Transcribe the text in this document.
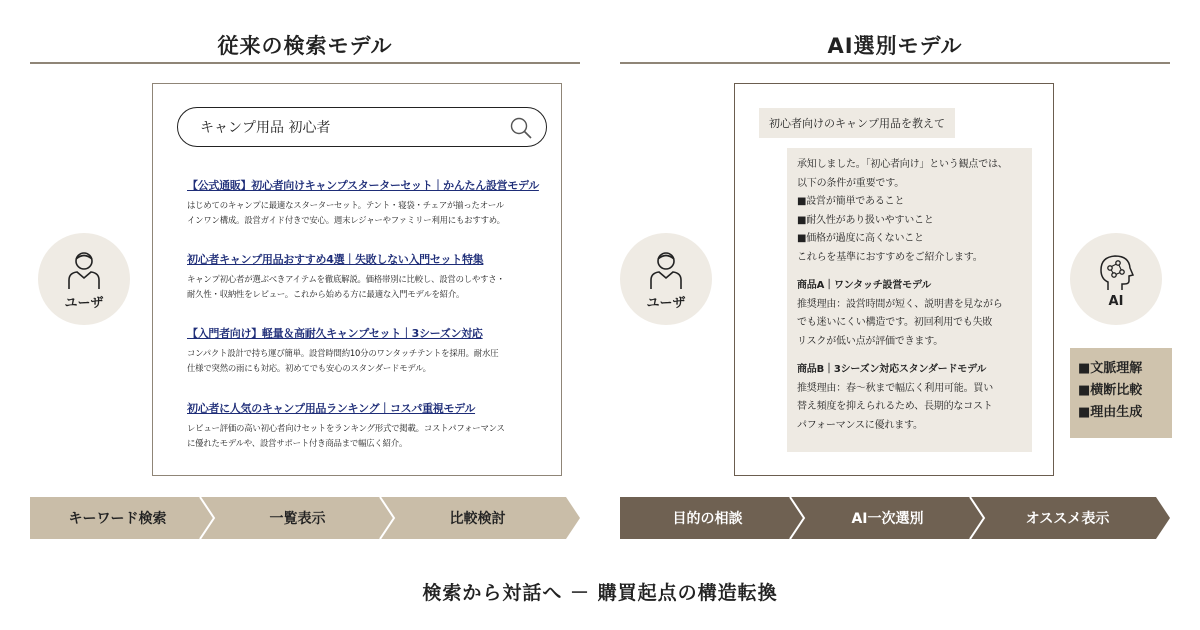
従来の検索モデル	AI選別モデル
ユーザ
キャンプ用品 初心者
【公式通販】初心者向けキャンプスターターセット｜かんたん設営モデル
はじめてのキャンプに最適なスターターセット。テント・寝袋・チェアが揃ったオール
インワン構成。設営ガイド付きで安心。週末レジャーやファミリー利用にもおすすめ。
初心者キャンプ用品おすすめ4選｜失敗しない入門セット特集
キャンプ初心者が選ぶべきアイテムを徹底解説。価格帯別に比較し、設営のしやすさ・
耐久性・収納性をレビュー。これから始める方に最適な入門モデルを紹介。
【入門者向け】軽量＆高耐久キャンプセット｜3シーズン対応
コンパクト設計で持ち運び簡単。設営時間約10分のワンタッチテントを採用。耐水圧
仕様で突然の雨にも対応。初めてでも安心のスタンダードモデル。
初心者に人気のキャンプ用品ランキング｜コスパ重視モデル
レビュー評価の高い初心者向けセットをランキング形式で掲載。コストパフォーマンス
に優れたモデルや、設営サポート付き商品まで幅広く紹介。
ユーザ
初心者向けのキャンプ用品を教えて
承知しました。「初心者向け」という観点では、
以下の条件が重要です。
■設営が簡単であること
■耐久性があり扱いやすいこと
■価格が過度に高くないこと
これらを基準におすすめをご紹介します。
商品A｜ワンタッチ設営モデル
推奨理由：設営時間が短く、説明書を見ながら
でも迷いにくい構造です。初回利用でも失敗
リスクが低い点が評価できます。
商品B｜3シーズン対応スタンダードモデル
推奨理由：春〜秋まで幅広く利用可能。買い
替え頻度を抑えられるため、長期的なコスト
パフォーマンスに優れます。
AI
■文脈理解
■横断比較
■理由生成
キーワード検索	一覧表示	比較検討	目的の相談	AI一次選別	オススメ表示
検索から対話へ － 購買起点の構造転換
